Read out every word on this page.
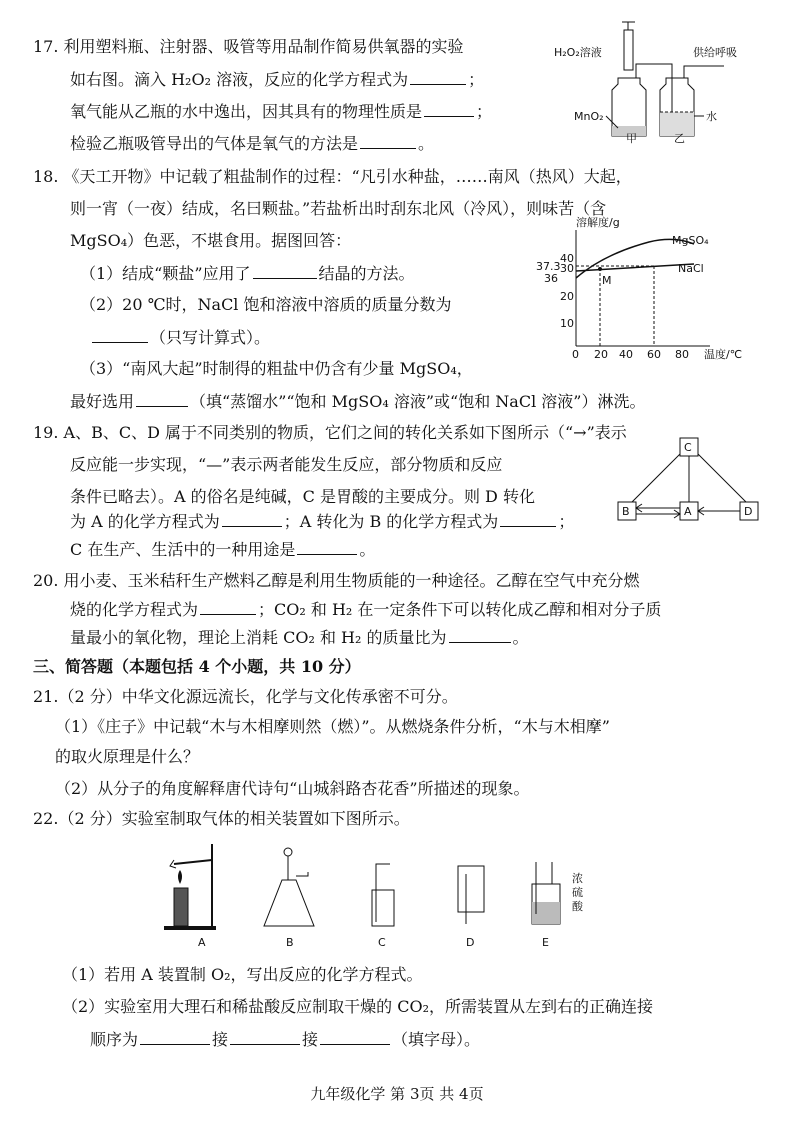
17. 利用塑料瓶、注射器、吸管等用品制作简易供氧器的实验
如右图。滴入 H₂O₂ 溶液，反应的化学方程式为	；
氧气能从乙瓶的水中逸出，因其具有的物理性质是	；
检验乙瓶吸管导出的气体是氧气的方法是	。
H₂O₂溶液	供给呼吸
水
MnO₂
甲	乙
18. 《天工开物》中记载了粗盐制作的过程：“凡引水种盐，……南风（热风）大起，
则一宵（一夜）结成，名曰颗盐。”若盐析出时刮东北风（冷风），则味苦（含
MgSO₄）色恶，不堪食用。据图回答：
（1）结成“颗盐”应用了	结晶的方法。
（2）20 ℃时，NaCl 饱和溶液中溶质的质量分数为
（只写计算式）。
（3）“南风大起”时制得的粗盐中仍含有少量 MgSO₄，
最好选用	（填“蒸馏水”“饱和 MgSO₄ 溶液”或“饱和 NaCl 溶液”）淋洗。
溶解度/g
温度/℃
0 20 40 60 80
10
20
30
40
37.3
36	M
MgSO₄
NaCl
19. A、B、C、D 属于不同类别的物质，它们之间的转化关系如下图所示（“→”表示
反应能一步实现，“—”表示两者能发生反应，部分物质和反应
条件已略去）。A 的俗名是纯碱，C 是胃酸的主要成分。则 D 转化
为 A 的化学方程式为	；A 转化为 B 的化学方程式为	；
C 在生产、生活中的一种用途是	。
C
B	A	D
20. 用小麦、玉米秸秆生产燃料乙醇是利用生物质能的一种途径。乙醇在空气中充分燃
烧的化学方程式为	；CO₂ 和 H₂ 在一定条件下可以转化成乙醇和相对分子质
量最小的氧化物，理论上消耗 CO₂ 和 H₂ 的质量比为	。
三、简答题（本题包括 4 个小题，共 10 分）
21.（2 分）中华文化源远流长，化学与文化传承密不可分。
（1）《庄子》中记载“木与木相摩则然（燃）”。从燃烧条件分析，“木与木相摩”
的取火原理是什么？
（2）从分子的角度解释唐代诗句“山城斜路杏花香”所描述的现象。
22.（2 分）实验室制取气体的相关装置如下图所示。
A	B	C	D
浓
硫
酸
E
（1）若用 A 装置制 O₂，写出反应的化学方程式。
（2）实验室用大理石和稀盐酸反应制取干燥的 CO₂，所需装置从左到右的正确连接
顺序为	接	接	（填字母）。
九年级化学 第 3页 共 4页
